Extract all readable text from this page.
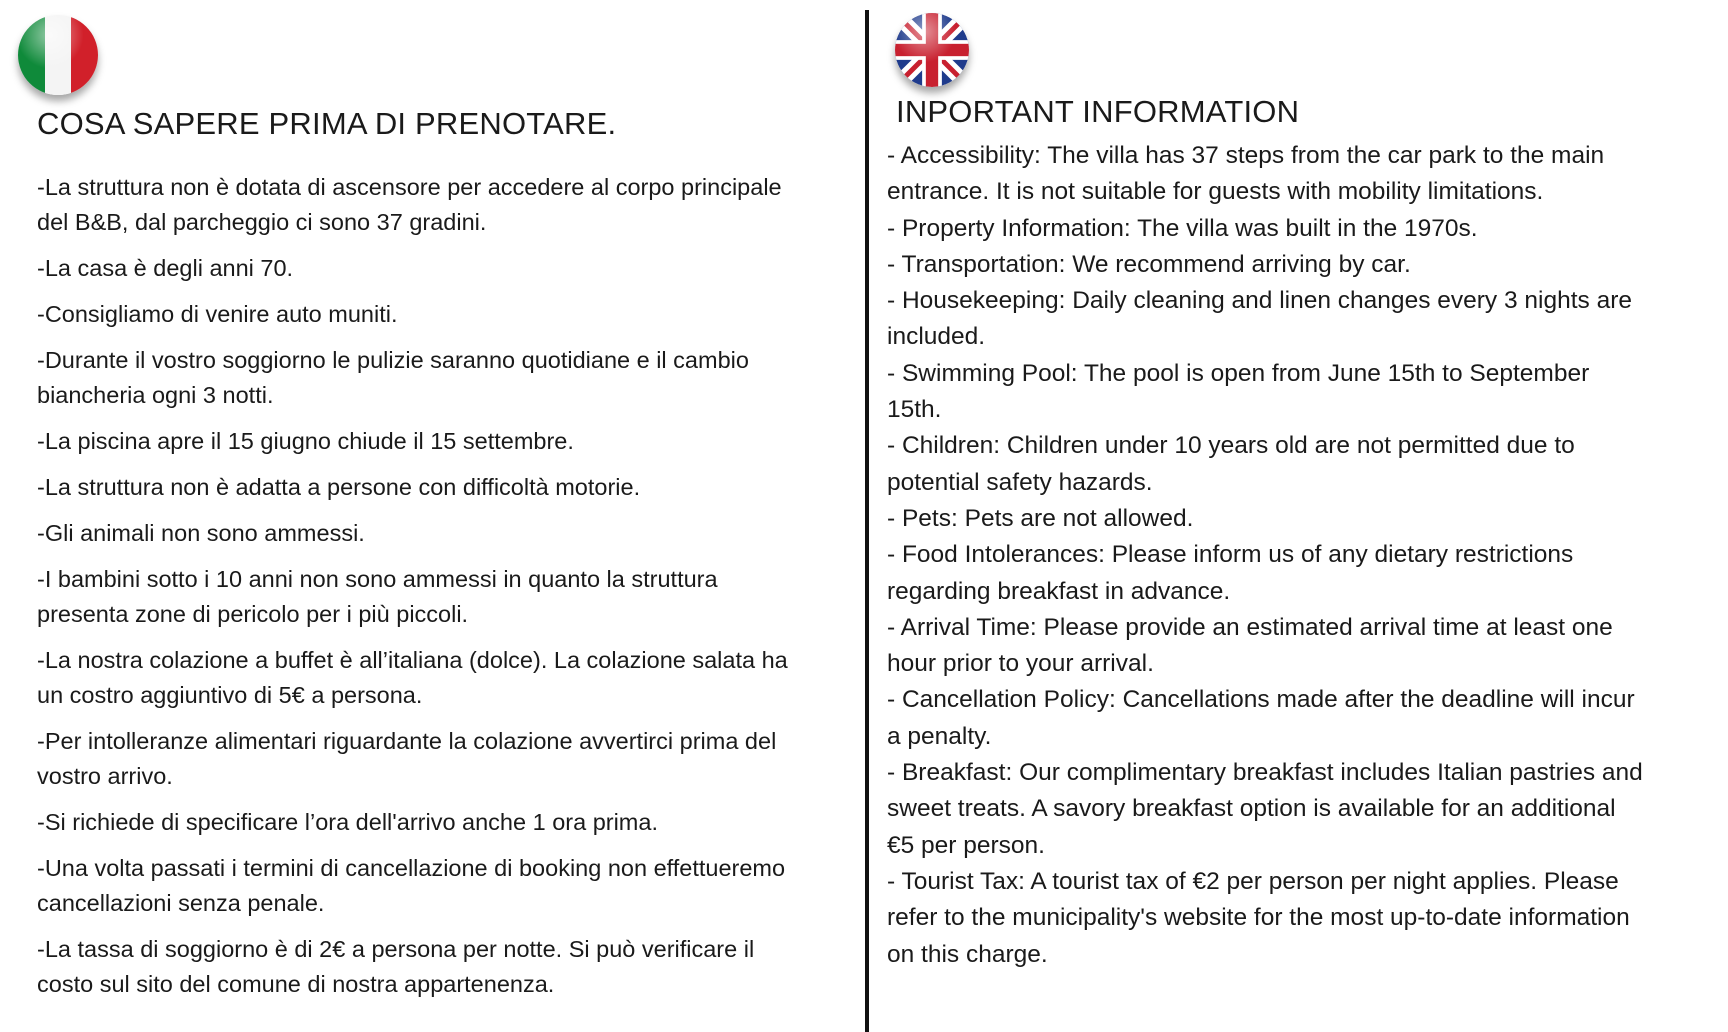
COSA SAPERE PRIMA DI PRENOTARE.
-La struttura non è dotata di ascensore per accedere al corpo principale del B&B, dal parcheggio ci sono 37 gradini.
-La casa è degli anni 70.
-Consigliamo di venire auto muniti.
-Durante il vostro soggiorno le pulizie saranno quotidiane e il cambio biancheria ogni 3 notti.
-La piscina apre il 15 giugno chiude il 15 settembre.
-La struttura non è adatta a persone con difficoltà motorie.
-Gli animali non sono ammessi.
-I bambini sotto i 10 anni non sono ammessi in quanto la struttura presenta zone di pericolo per i più piccoli.
-La nostra colazione a buffet è all’italiana (dolce). La colazione salata ha un costro aggiuntivo di 5€ a persona.
-Per intolleranze alimentari riguardante la colazione avvertirci prima del vostro arrivo.
-Si richiede di specificare l’ora dell'arrivo anche 1 ora prima.
-Una volta passati i termini di cancellazione di booking non effettueremo cancellazioni senza penale.
-La tassa di soggiorno è di 2€ a persona per notte. Si può verificare il costo sul sito del comune di nostra appartenenza.
INPORTANT INFORMATION
- Accessibility: The villa has 37 steps from the car park to the main entrance. It is not suitable for guests with mobility limitations.
- Property Information: The villa was built in the 1970s.
- Transportation: We recommend arriving by car.
- Housekeeping: Daily cleaning and linen changes every 3 nights are included.
- Swimming Pool: The pool is open from June 15th to September 15th.
- Children: Children under 10 years old are not permitted due to potential safety hazards.
- Pets: Pets are not allowed.
- Food Intolerances: Please inform us of any dietary restrictions regarding breakfast in advance.
- Arrival Time: Please provide an estimated arrival time at least one hour prior to your arrival.
- Cancellation Policy: Cancellations made after the deadline will incur a penalty.
- Breakfast: Our complimentary breakfast includes Italian pastries and sweet treats. A savory breakfast option is available for an additional €5 per person.
- Tourist Tax: A tourist tax of €2 per person per night applies. Please refer to the municipality's website for the most up-to-date information on this charge.
